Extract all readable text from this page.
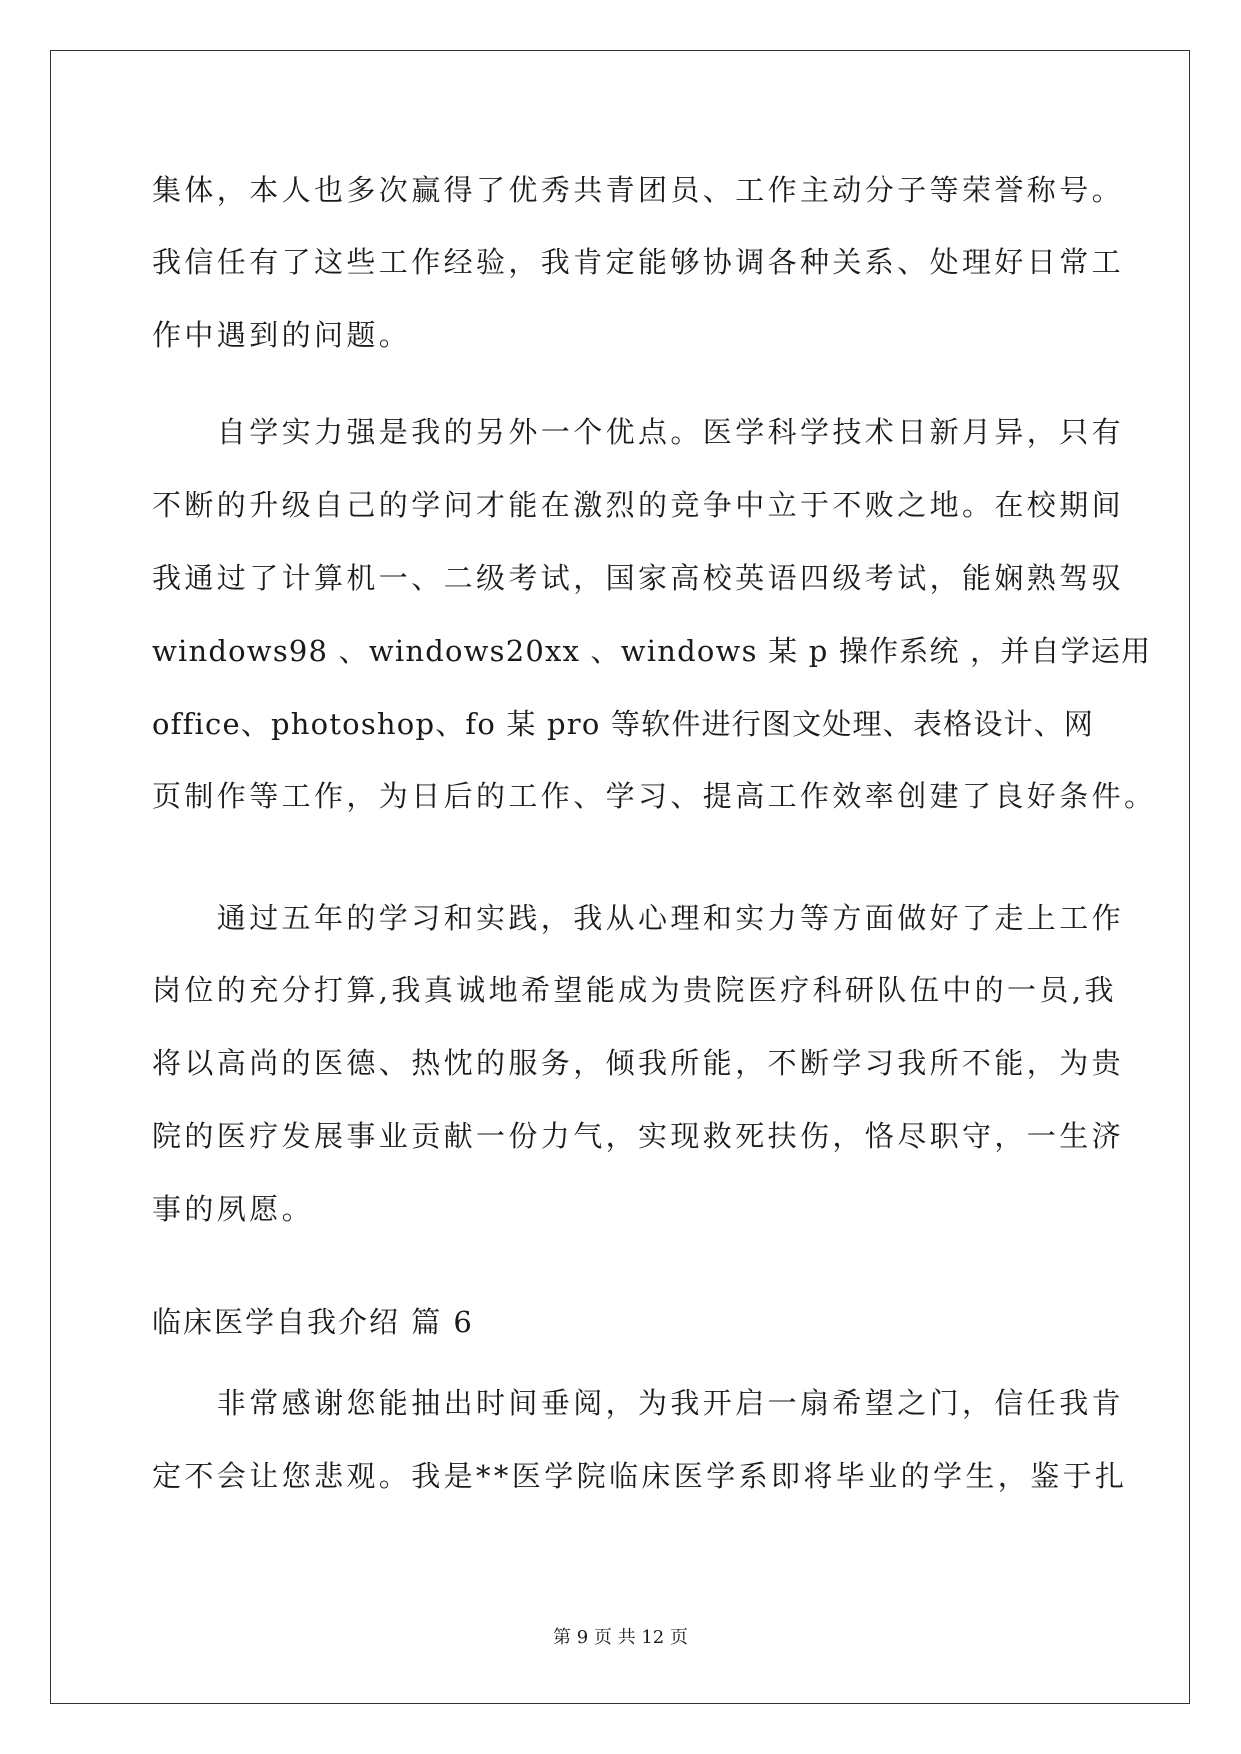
集体，本人也多次赢得了优秀共青团员、工作主动分子等荣誉称号。
我信任有了这些工作经验，我肯定能够协调各种关系、处理好日常工
作中遇到的问题。
　　自学实力强是我的另外一个优点。医学科学技术日新月异，只有
不断的升级自己的学问才能在激烈的竞争中立于不败之地。在校期间
我通过了计算机一、二级考试，国家高校英语四级考试，能娴熟驾驭
windows98 、windows20xx 、windows 某 p 操作系统 ，并自学运用
office、photoshop、fo 某 pro 等软件进行图文处理、表格设计、网
页制作等工作，为日后的工作、学习、提高工作效率创建了良好条件。
　　通过五年的学习和实践，我从心理和实力等方面做好了走上工作
岗位的充分打算,我真诚地希望能成为贵院医疗科研队伍中的一员,我
将以高尚的医德、热忱的服务，倾我所能，不断学习我所不能，为贵
院的医疗发展事业贡献一份力气，实现救死扶伤，恪尽职守，一生济
事的夙愿。
临床医学自我介绍 篇 6
　　非常感谢您能抽出时间垂阅，为我开启一扇希望之门，信任我肯
定不会让您悲观。我是**医学院临床医学系即将毕业的学生，鉴于扎
第 9 页 共 12 页
